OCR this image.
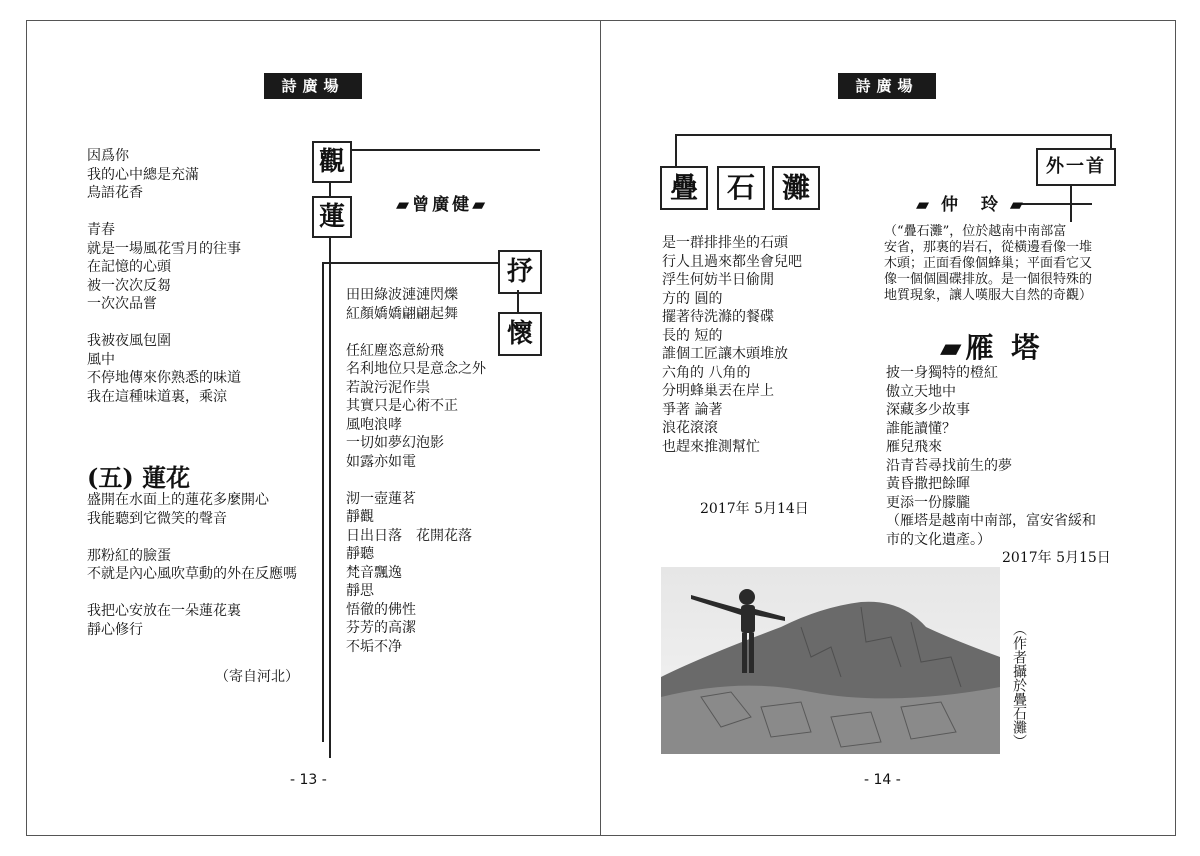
詩廣場
因爲你
我的心中總是充滿
鳥語花香
青春
就是一場風花雪月的往事
在記憶的心頭
被一次次反芻
一次次品嘗
我被夜風包圍
風中
不停地傳來你熟悉的味道
我在這種味道裏，乘涼
(五) 蓮花
盛開在水面上的蓮花多麼開心
我能聽到它微笑的聲音
那粉紅的臉蛋
不就是內心風吹草動的外在反應嗎
我把心安放在一朵蓮花裏
靜心修行
（寄自河北）
觀
蓮	▰曾廣健▰
抒
懷
田田綠波漣漣閃爍
紅顏嬌嬌翩翩起舞
任紅塵恣意紛飛
名利地位只是意念之外
若說污泥作祟
其實只是心術不正
風咆浪哮
一切如夢幻泡影
如露亦如電
沏一壺蓮茗
靜觀
日出日落　花開花落
靜聽
梵音飄逸
靜思
悟徹的佛性
芬芳的高潔
不垢不净
- 13 -
詩廣場
疊	石 灘
外一首
▰ 仲　玲 ▰
（“疊石灘”，位於越南中南部富
安省，那裏的岩石，從橫邊看像一堆
木頭；正面看像個蜂巢；平面看它又
像一個個圓碟排放。是一個很特殊的
地質現象，讓人嘆服大自然的奇觀）
是一群排排坐的石頭
行人且過來都坐會兒吧
浮生何妨半日偷閒
方的 圓的
擺著待洗滌的餐碟
長的 短的
誰個工匠讓木頭堆放
六角的 八角的
分明蜂巢丟在岸上
爭著 論著
浪花滾滾
也趕來推測幫忙
2017年 5月14日
▰雁 塔
披一身獨特的橙紅
傲立天地中
深藏多少故事
誰能讀懂？
雁兒飛來
沿青苔尋找前生的夢
黃昏撒把餘暉
更添一份朦朧
（雁塔是越南中南部，富安省綏和
市的文化遺產。）
2017年 5月15日
（作者攝於疊石灘）
- 14 -
